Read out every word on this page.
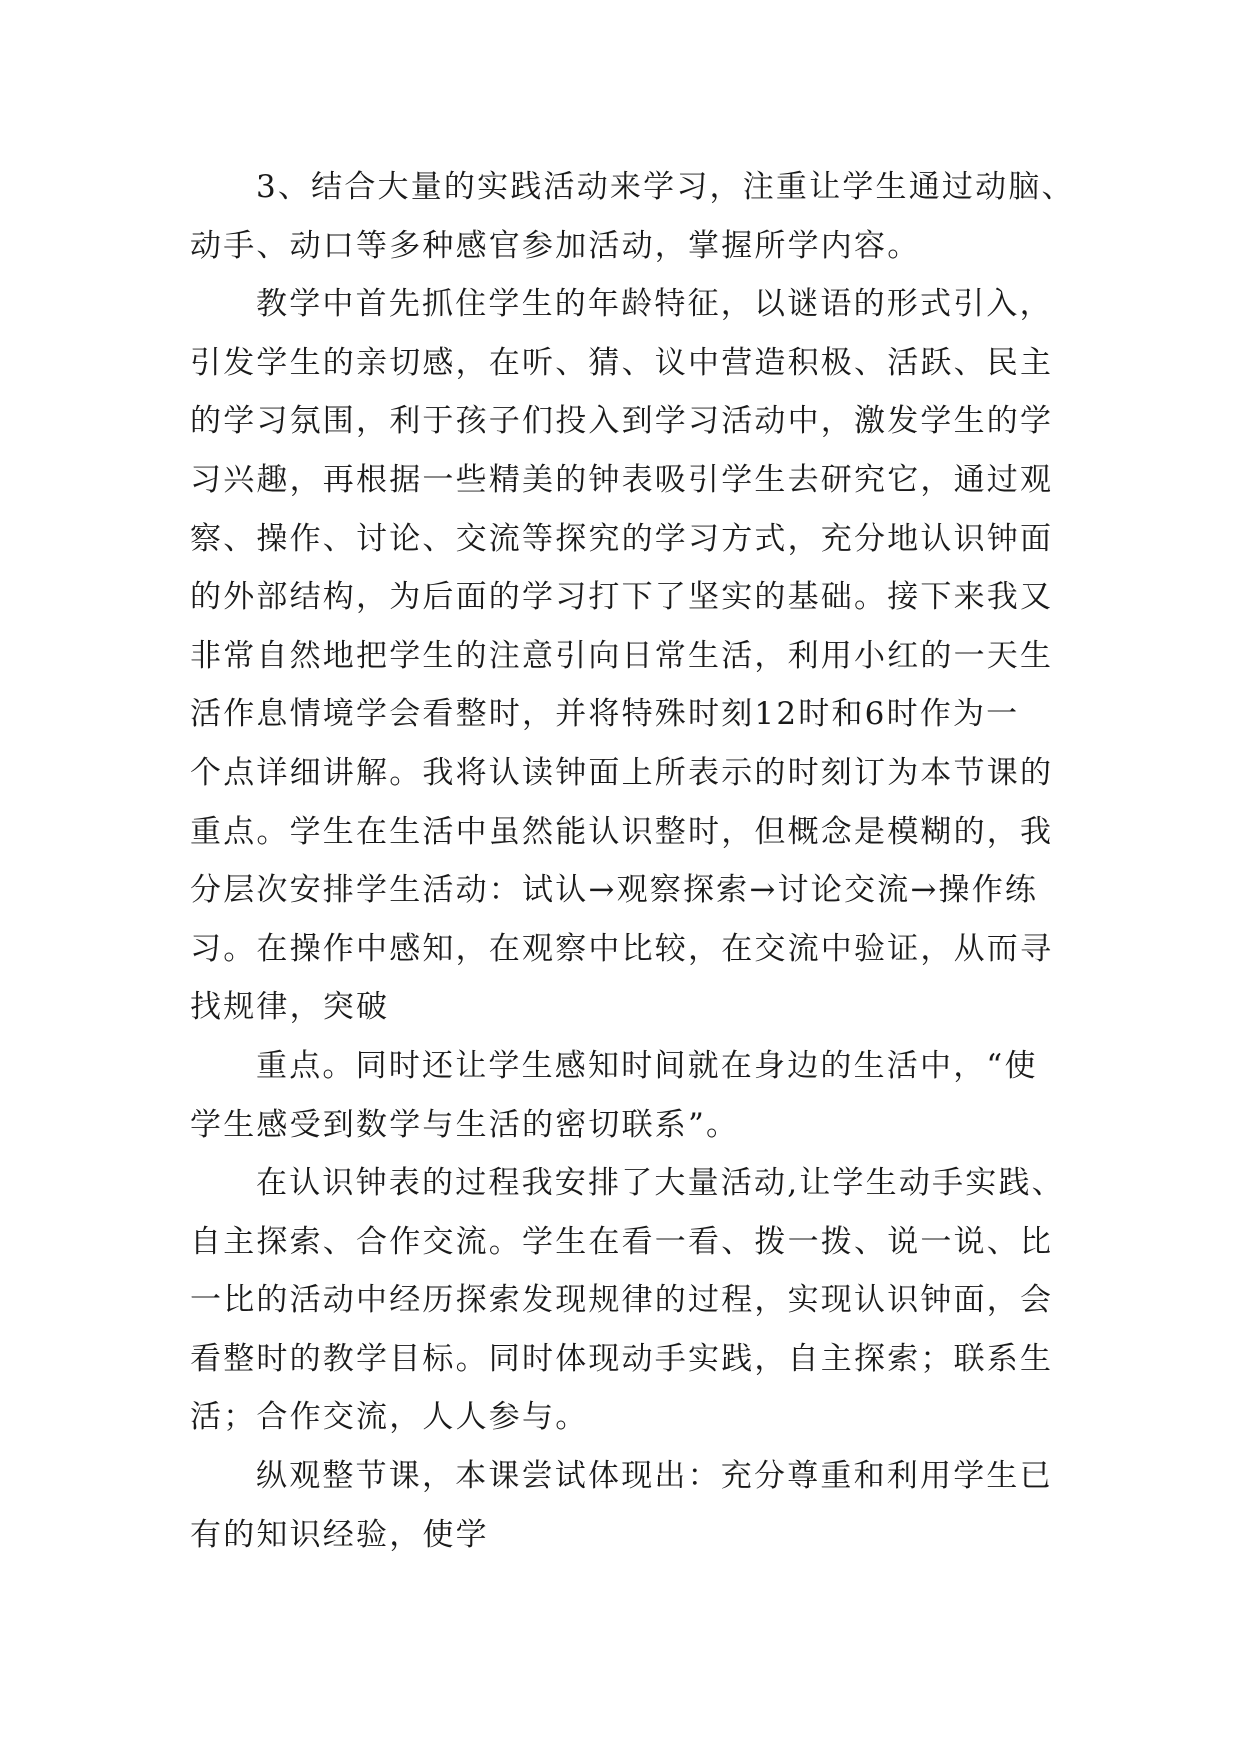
3、结合大量的实践活动来学习，注重让学生通过动脑、
动手、动口等多种感官参加活动，掌握所学内容。
教学中首先抓住学生的年龄特征，以谜语的形式引入，
引发学生的亲切感，在听、猜、议中营造积极、活跃、民主
的学习氛围，利于孩子们投入到学习活动中，激发学生的学
习兴趣，再根据一些精美的钟表吸引学生去研究它，通过观
察、操作、讨论、交流等探究的学习方式，充分地认识钟面
的外部结构，为后面的学习打下了坚实的基础。接下来我又
非常自然地把学生的注意引向日常生活，利用小红的一天生
活作息情境学会看整时，并将特殊时刻12时和6时作为一
个点详细讲解。我将认读钟面上所表示的时刻订为本节课的
重点。学生在生活中虽然能认识整时，但概念是模糊的，我
分层次安排学生活动：试认→观察探索→讨论交流→操作练
习。在操作中感知，在观察中比较，在交流中验证，从而寻
找规律，突破
重点。同时还让学生感知时间就在身边的生活中，“使
学生感受到数学与生活的密切联系”。
在认识钟表的过程我安排了大量活动,让学生动手实践、
自主探索、合作交流。学生在看一看、拨一拨、说一说、比
一比的活动中经历探索发现规律的过程，实现认识钟面，会
看整时的教学目标。同时体现动手实践，自主探索；联系生
活；合作交流，人人参与。
纵观整节课，本课尝试体现出：充分尊重和利用学生已
有的知识经验，使学
